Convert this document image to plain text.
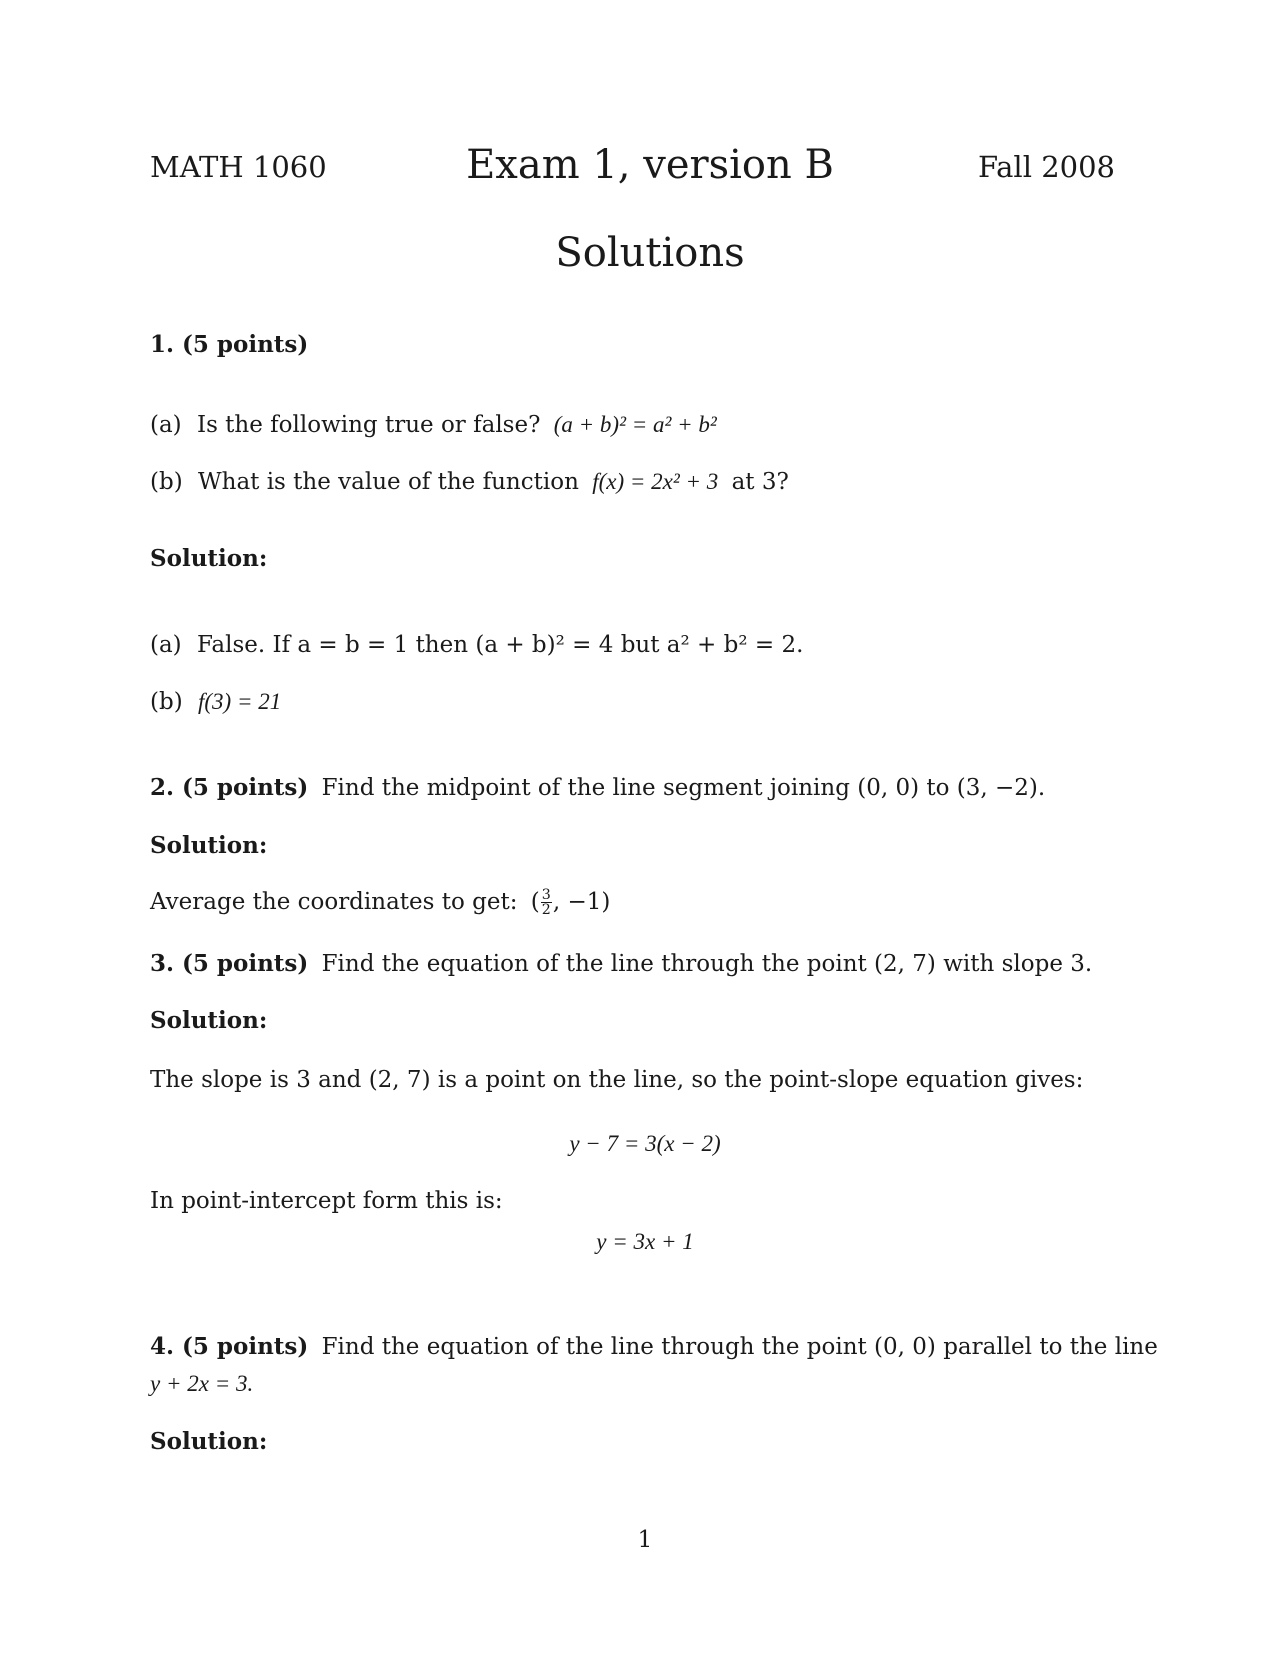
MATH 1060	Exam 1, version B	Fall 2008
Solutions
1. (5 points)
(a) Is the following true or false? (a + b)² = a² + b²
(b) What is the value of the function f(x) = 2x² + 3 at 3?
Solution:
(a) False. If a = b = 1 then (a + b)² = 4 but a² + b² = 2.
(b) f(3) = 21
2. (5 points) Find the midpoint of the line segment joining (0, 0) to (3, −2).
Solution:
Average the coordinates to get: ( $\frac{3}{2}$ , −1)
3. (5 points) Find the equation of the line through the point (2, 7) with slope 3.
Solution:
The slope is 3 and (2, 7) is a point on the line, so the point-slope equation gives:
y − 7 = 3(x − 2)
In point-intercept form this is:
y = 3x + 1
4. (5 points) Find the equation of the line through the point (0, 0) parallel to the line
y + 2x = 3.
Solution:
1
